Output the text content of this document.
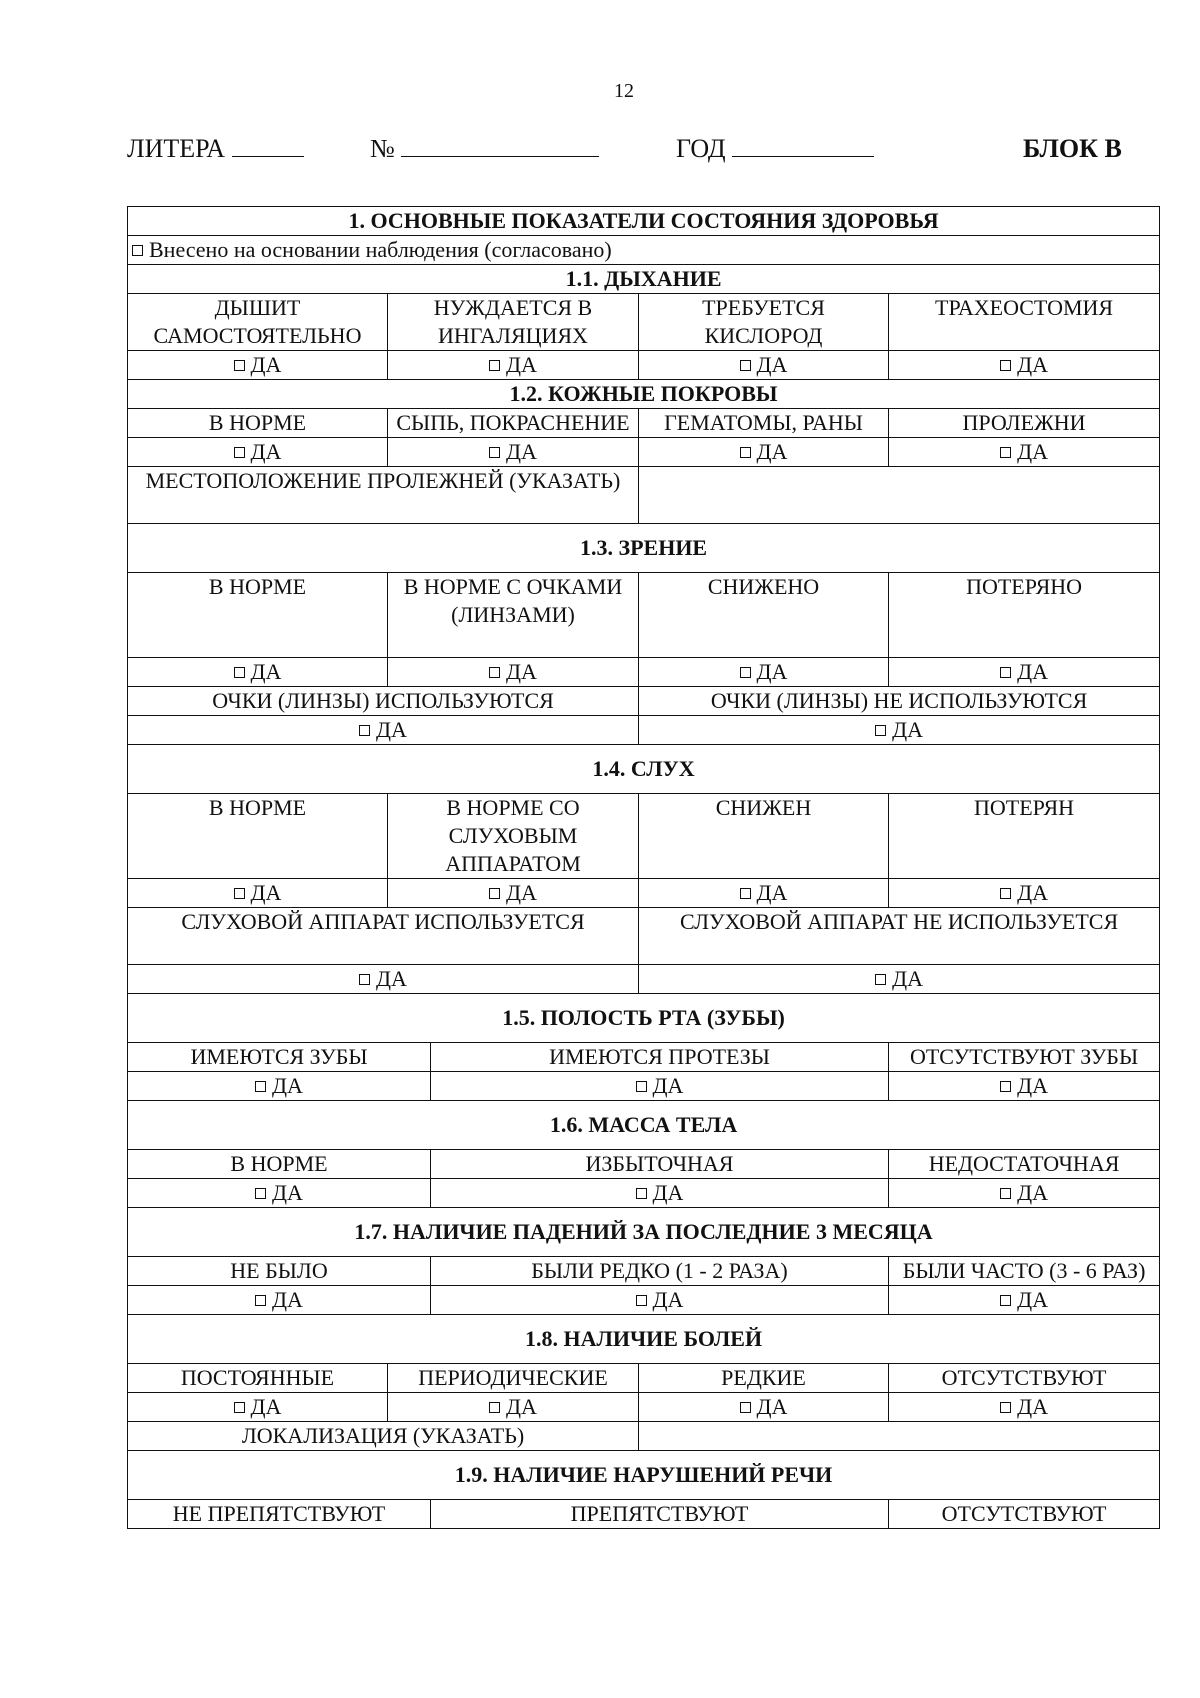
12
ЛИТЕРА	№	ГОД	БЛОК В
1. ОСНОВНЫЕ ПОКАЗАТЕЛИ СОСТОЯНИЯ ЗДОРОВЬЯ				
Внесено на основании наблюдения (согласовано)				
1.1. ДЫХАНИЕ				
ДЫШИТ САМОСТОЯТЕЛЬНО	НУЖДАЕТСЯ В ИНГАЛЯЦИЯХ		ТРЕБУЕТСЯ КИСЛОРОД	ТРАХЕОСТОМИЯ
ДА	ДА		ДА	ДА
1.2. КОЖНЫЕ ПОКРОВЫ				
В НОРМЕ	СЫПЬ, ПОКРАСНЕНИЕ		ГЕМАТОМЫ, РАНЫ	ПРОЛЕЖНИ
ДА	ДА		ДА	ДА
МЕСТОПОЛОЖЕНИЕ ПРОЛЕЖНЕЙ (УКАЗАТЬ)				
1.3. ЗРЕНИЕ				
В НОРМЕ	В НОРМЕ С ОЧКАМИ (ЛИНЗАМИ)		СНИЖЕНО	ПОТЕРЯНО
ДА	ДА		ДА	ДА
ОЧКИ (ЛИНЗЫ) ИСПОЛЬЗУЮТСЯ			ОЧКИ (ЛИНЗЫ) НЕ ИСПОЛЬЗУЮТСЯ	
ДА			ДА	
1.4. СЛУХ				
В НОРМЕ	В НОРМЕ СО СЛУХОВЫМ АППАРАТОМ		СНИЖЕН	ПОТЕРЯН
ДА	ДА		ДА	ДА
СЛУХОВОЙ АППАРАТ ИСПОЛЬЗУЕТСЯ			СЛУХОВОЙ АППАРАТ НЕ ИСПОЛЬЗУЕТСЯ	
ДА			ДА	
1.5. ПОЛОСТЬ РТА (ЗУБЫ)				
ИМЕЮТСЯ ЗУБЫ		ИМЕЮТСЯ ПРОТЕЗЫ		ОТСУТСТВУЮТ ЗУБЫ
ДА		ДА		ДА
1.6. МАССА ТЕЛА				
В НОРМЕ		ИЗБЫТОЧНАЯ		НЕДОСТАТОЧНАЯ
ДА		ДА		ДА
1.7. НАЛИЧИЕ ПАДЕНИЙ ЗА ПОСЛЕДНИЕ 3 МЕСЯЦА				
НЕ БЫЛО		БЫЛИ РЕДКО (1 - 2 РАЗА)		БЫЛИ ЧАСТО (3 - 6 РАЗ)
ДА		ДА		ДА
1.8. НАЛИЧИЕ БОЛЕЙ				
ПОСТОЯННЫЕ	ПЕРИОДИЧЕСКИЕ		РЕДКИЕ	ОТСУТСТВУЮТ
ДА	ДА		ДА	ДА
ЛОКАЛИЗАЦИЯ (УКАЗАТЬ)				
1.9. НАЛИЧИЕ НАРУШЕНИЙ РЕЧИ				
НЕ ПРЕПЯТСТВУЮТ		ПРЕПЯТСТВУЮТ		ОТСУТСТВУЮТ
